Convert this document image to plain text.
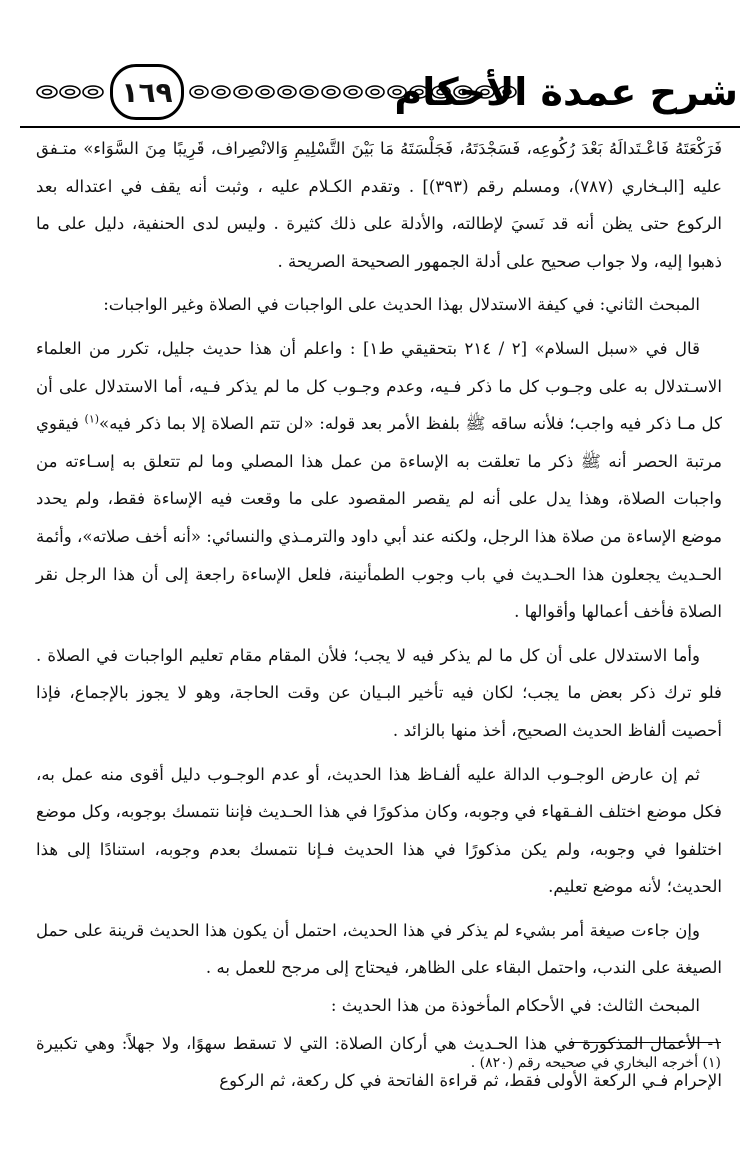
شرح عمدة الأحكام
١٦٩

فَرَكْعَتَهُ فَاعْـتَدالَهُ بَعْدَ رُكُوعِه، فَسَجْدَتَهُ، فَجَلْسَتَهُ مَا بَيْنَ التَّسْلِيمِ وَالانْصِراف، قَرِيبًا مِنَ السَّوَاء» متـفق عليه [البـخاري (٧٨٧)، ومسلم رقم (٣٩٣)] . وتقدم الكـلام عليه ، وثبت أنه يقف في اعتداله بعد الركوع حتى يظن أنه قد نَسيَ لإطالته، والأدلة على ذلك كثيرة . وليس لدى الحنفية، دليل على ما ذهبوا إليه، ولا جواب صحيح على أدلة الجمهور الصحيحة الصريحة .

المبحث الثاني: في كيفة الاستدلال بهذا الحديث على الواجبات في الصلاة وغير الواجبات:

قال في «سبل السلام» [٢ / ٢١٤ بتحقيقي ط١] : واعلم أن هذا حديث جليل، تكرر من العلماء الاسـتدلال به على وجـوب كل ما ذكر فـيه، وعدم وجـوب كل ما لم يذكر فـيه، أما الاستدلال على أن كل مـا ذكر فيه واجب؛ فلأنه ساقه ﷺ بلفظ الأمر بعد قوله: «لن تتم الصلاة إلا بما ذكر فيه»$^{(١)}$ فيقوي مرتبة الحصر أنه ﷺ ذكر ما تعلقت به الإساءة من عمل هذا المصلي وما لم تتعلق به إسـاءته من واجبات الصلاة، وهذا يدل على أنه لم يقصر المقصود على ما وقعت فيه الإساءة فقط، ولم يحدد موضع الإساءة من صلاة هذا الرجل، ولكنه عند أبي داود والترمـذي والنسائي: «أنه أخف صلاته»، وأئمة الحـديث يجعلون هذا الحـديث في باب وجوب الطمأنينة، فلعل الإساءة راجعة إلى أن هذا الرجل نقر الصلاة فأخف أعمالها وأقوالها .

وأما الاستدلال على أن كل ما لم يذكر فيه لا يجب؛ فلأن المقام مقام تعليم الواجبات في الصلاة . فلو ترك ذكر بعض ما يجب؛ لكان فيه تأخير البـيان عن وقت الحاجة، وهو لا يجوز بالإجماع، فإذا أحصيت ألفاظ الحديث الصحيح، أخذ منها بالزائد .

ثم إن عارض الوجـوب الدالة عليه ألفـاظ هذا الحديث، أو عدم الوجـوب دليل أقوى منه عمل به، فكل موضع اختلف الفـقهاء في وجوبه، وكان مذكورًا في هذا الحـديث فإننا نتمسك بوجوبه، وكل موضع اختلفوا في وجوبه، ولم يكن مذكورًا في هذا الحديث فـإنا نتمسك بعدم وجوبه، استنادًا إلى هذا الحديث؛ لأنه موضع تعليم.

وإن جاءت صيغة أمر بشيء لم يذكر في هذا الحديث، احتمل أن يكون هذا الحديث قرينة على حمل الصيغة على الندب، واحتمل البقاء على الظاهر، فيحتاج إلى مرجح للعمل به .

المبحث الثالث: في الأحكام المأخوذة من هذا الحديث :

١- الأعمال المذكورة في هذا الحـديث هي أركان الصلاة: التي لا تسقط سهوًا، ولا جهلاً: وهي تكبيرة الإحرام فـي الركعة الأولى فقط، ثم قراءة الفاتحة في كل ركعة، ثم الركوع

(١) أخرجه البخاري في صحيحه رقم (٨٢٠) .
